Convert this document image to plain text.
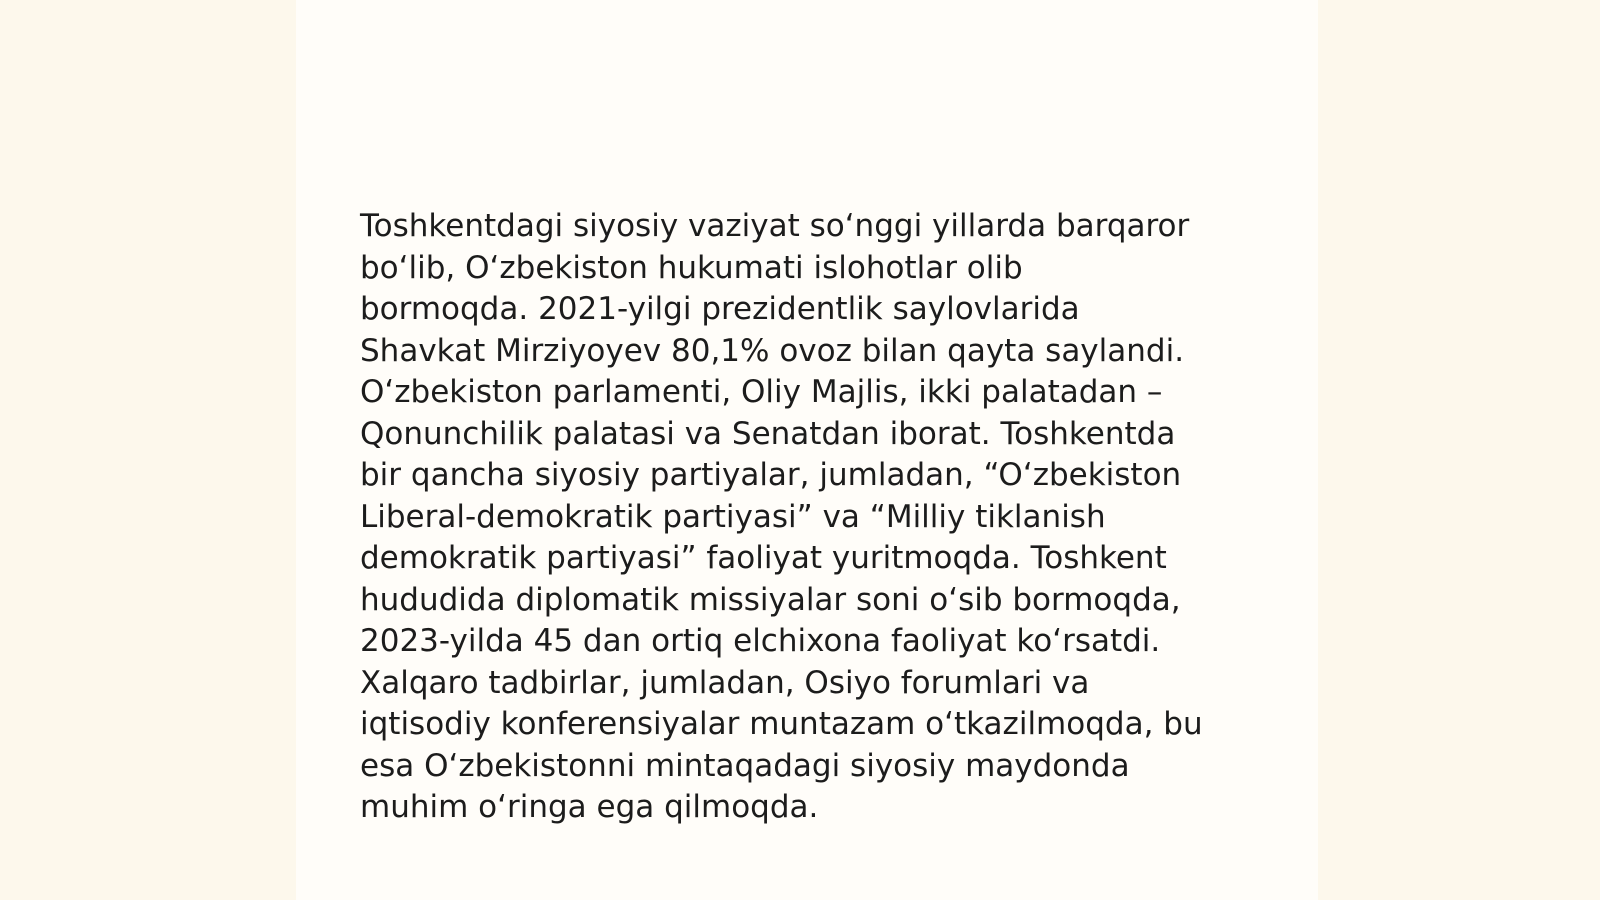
Toshkentdagi siyosiy vaziyat so‘nggi yillarda barqaror
bo‘lib, O‘zbekiston hukumati islohotlar olib
bormoqda. 2021-yilgi prezidentlik saylovlarida
Shavkat Mirziyoyev 80,1% ovoz bilan qayta saylandi.
O‘zbekiston parlamenti, Oliy Majlis, ikki palatadan –
Qonunchilik palatasi va Senatdan iborat. Toshkentda
bir qancha siyosiy partiyalar, jumladan, “O‘zbekiston
Liberal-demokratik partiyasi” va “Milliy tiklanish
demokratik partiyasi” faoliyat yuritmoqda. Toshkent
hududida diplomatik missiyalar soni o‘sib bormoqda,
2023-yilda 45 dan ortiq elchixona faoliyat ko‘rsatdi.
Xalqaro tadbirlar, jumladan, Osiyo forumlari va
iqtisodiy konferensiyalar muntazam o‘tkazilmoqda, bu
esa O‘zbekistonni mintaqadagi siyosiy maydonda
muhim o‘ringa ega qilmoqda.
